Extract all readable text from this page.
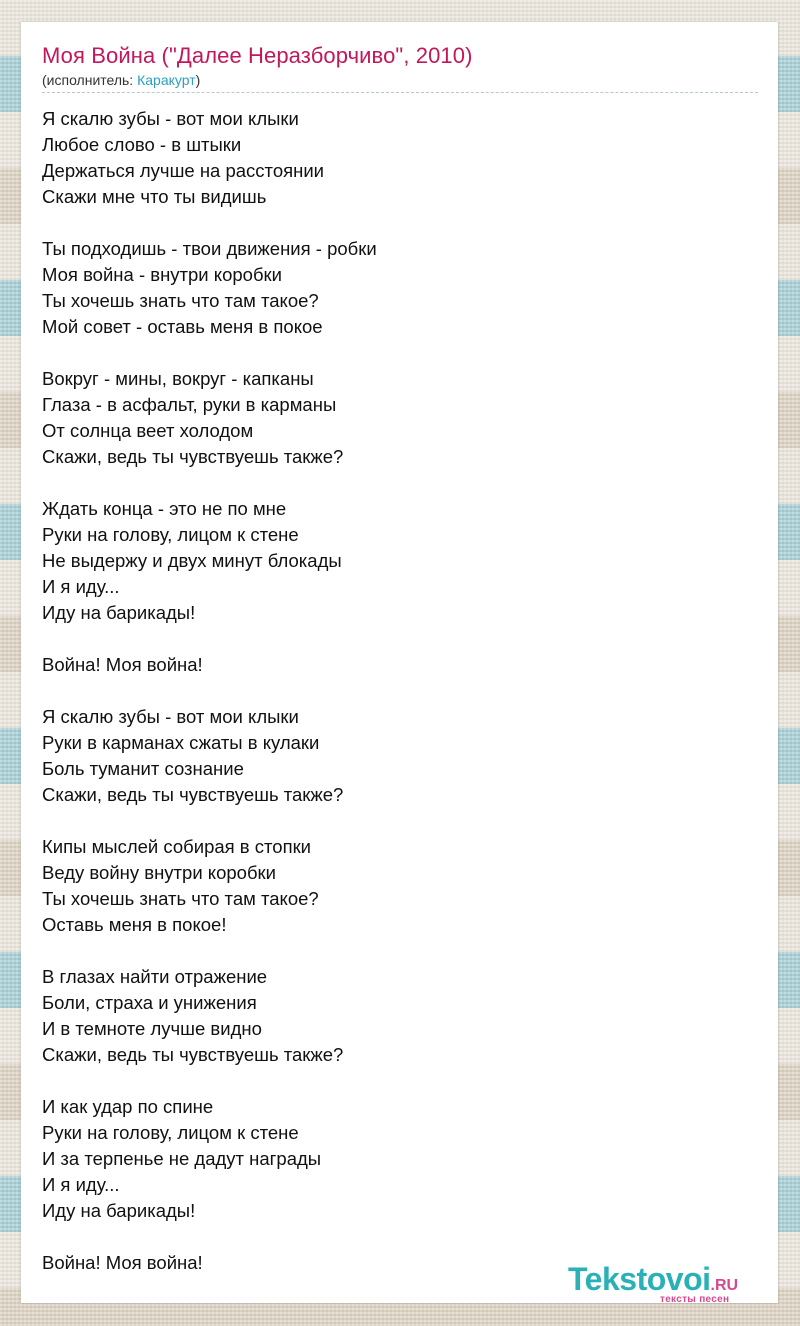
Моя Война ("Далее Неразборчиво", 2010)
(исполнитель: Каракурт)
Я скалю зубы - вот мои клыки
Любое слово - в штыки
Держаться лучше на расстоянии
Скажи мне что ты видишь
Ты подходишь - твои движения - робки
Моя война - внутри коробки
Ты хочешь знать что там такое?
Мой совет - оставь меня в покое
Вокруг - мины, вокруг - капканы
Глаза - в асфальт, руки в карманы
От солнца веет холодом
Скажи, ведь ты чувствуешь также?
Ждать конца - это не по мне
Руки на голову, лицом к стене
Не выдержу и двух минут блокады
И я иду...
Иду на барикады!
Война! Моя война!
Я скалю зубы - вот мои клыки
Руки в карманах сжаты в кулаки
Боль туманит сознание
Скажи, ведь ты чувствуешь также?
Кипы мыслей собирая в стопки
Веду войну внутри коробки
Ты хочешь знать что там такое?
Оставь меня в покое!
В глазах найти отражение
Боли, страха и унижения
И в темноте лучше видно
Скажи, ведь ты чувствуешь также?
И как удар по спине
Руки на голову, лицом к стене
И за терпенье не дадут награды
И я иду...
Иду на барикады!
Война! Моя война!	Tekstovoi.RU
тексты песен
